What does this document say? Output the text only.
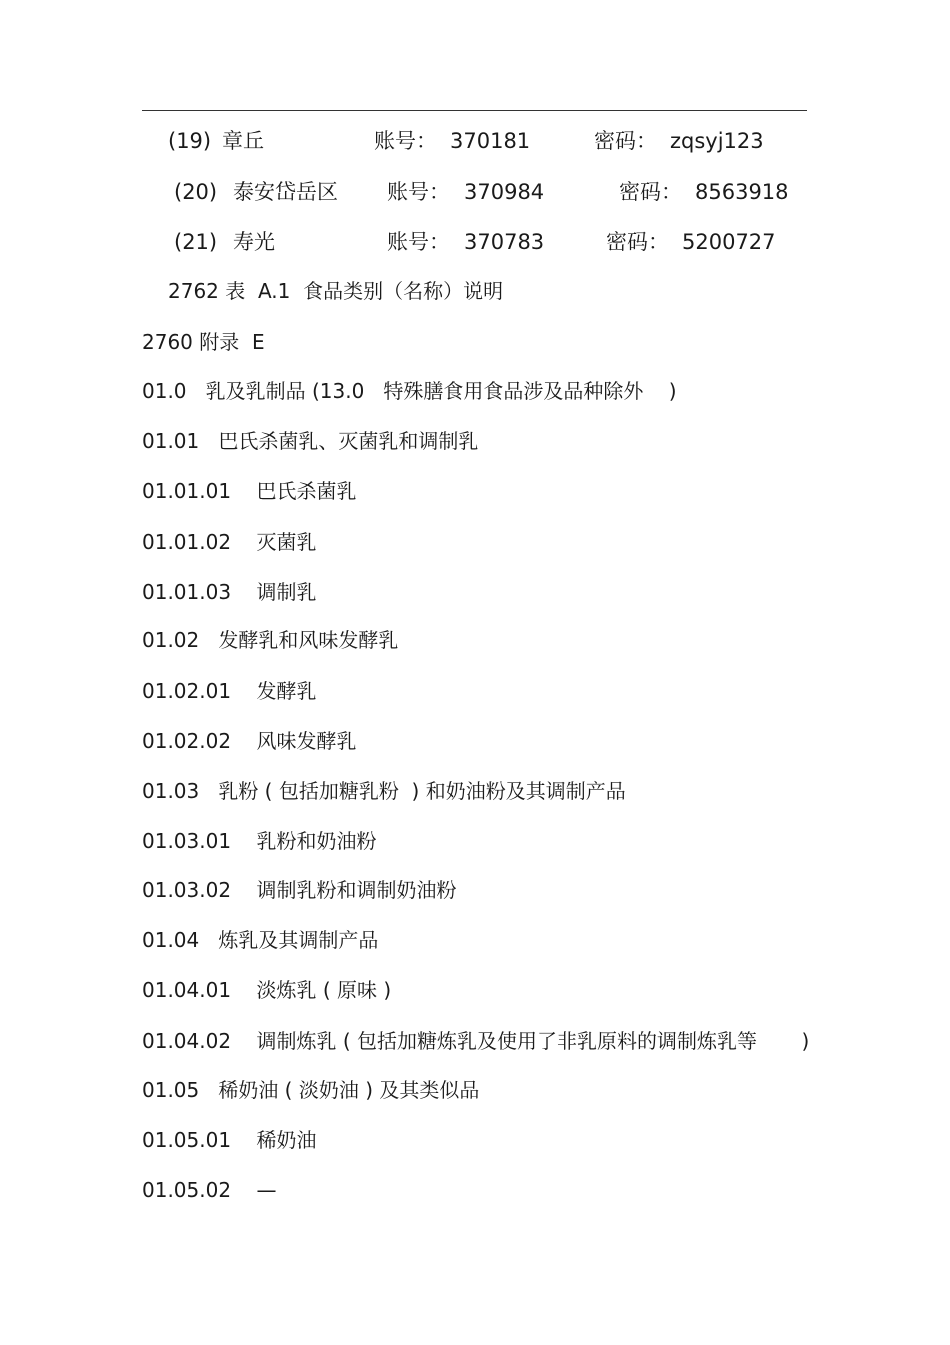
(19) 章丘	账号： 370181	密码： zqsyj123
(20) 泰安岱岳区 账号： 370984	密码： 8563918
(21) 寿光	账号： 370783	密码： 5200727
2762 表  A.1  食品类别（名称）说明
2760 附录  E
01.0   乳及乳制品 (13.0   特殊膳食用食品涉及品种除外    )
01.01   巴氏杀菌乳、灭菌乳和调制乳
01.01.01    巴氏杀菌乳
01.01.02    灭菌乳
01.01.03    调制乳
01.02   发酵乳和风味发酵乳
01.02.01    发酵乳
01.02.02    风味发酵乳
01.03   乳粉 ( 包括加糖乳粉  ) 和奶油粉及其调制产品
01.03.01    乳粉和奶油粉
01.03.02    调制乳粉和调制奶油粉
01.04   炼乳及其调制产品
01.04.01    淡炼乳 ( 原味 )
01.04.02    调制炼乳 ( 包括加糖炼乳及使用了非乳原料的调制炼乳等       )
01.05   稀奶油 ( 淡奶油 ) 及其类似品
01.05.01    稀奶油
01.05.02    —
